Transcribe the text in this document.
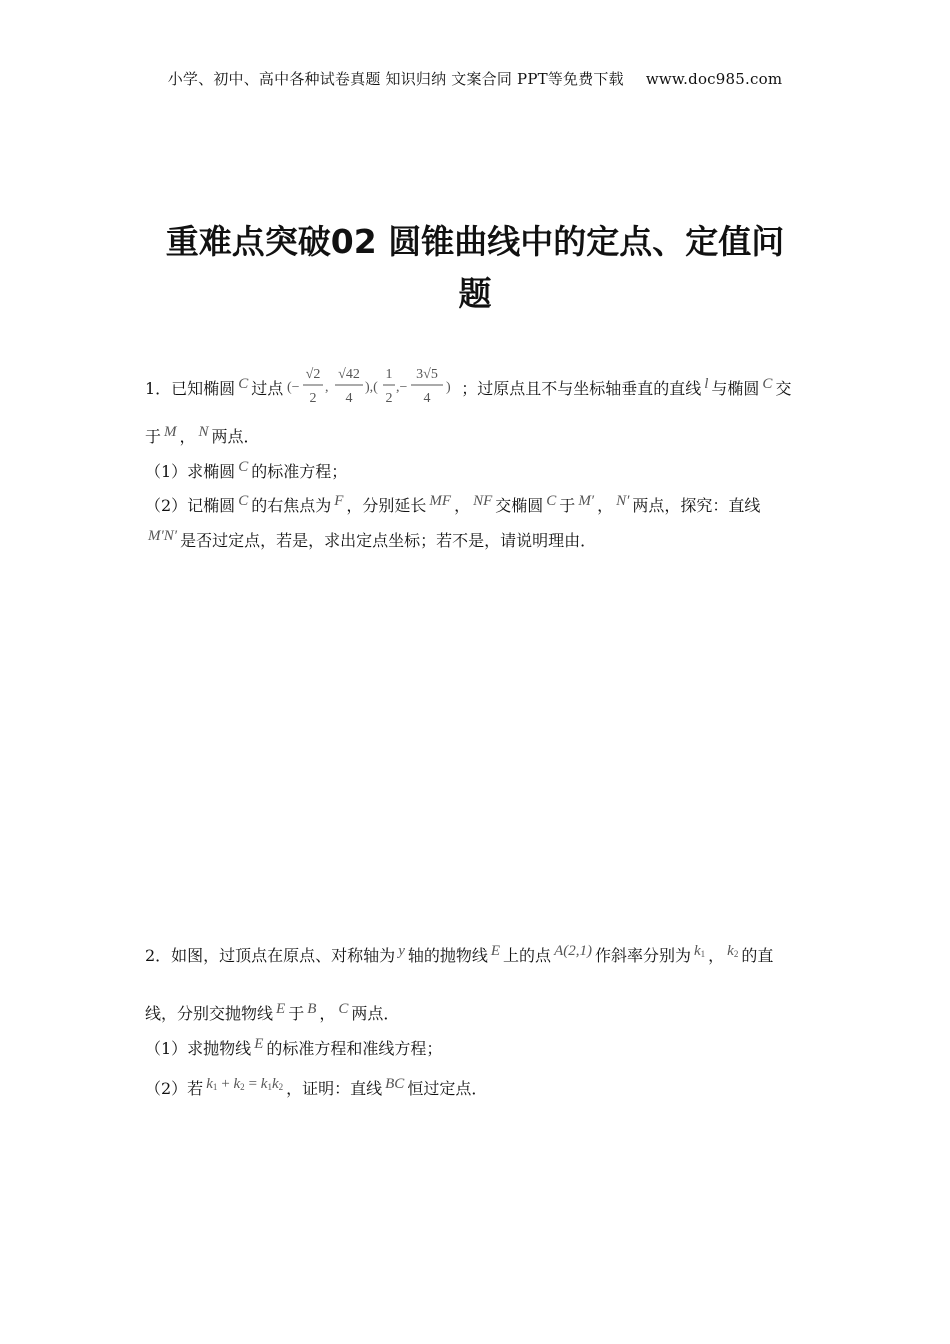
小学、初中、高中各种试卷真题 知识归纳 文案合同 PPT等免费下载 www.doc985.com
重难点突破02 圆锥曲线中的定点、定值问
题
1．已知椭圆 C 过点 (−
√2
2
,
√42
4
),(
1
2
,−
3√5
4
) ；过原点且不与坐标轴垂直的直线 l 与椭圆 C 交
于 M ， N 两点．
（1）求椭圆 C 的标准方程；
（2）记椭圆 C 的右焦点为 F ，分别延长 MF ， NF 交椭圆 C 于 M′ ， N′ 两点，探究：直线
M′N′ 是否过定点，若是，求出定点坐标；若不是，请说明理由．
2．如图，过顶点在原点、对称轴为 y 轴的抛物线 E 上的点 A(2,1) 作斜率分别为 $k_1$ ， $k_2$ 的直
线，分别交抛物线 E 于 B ， C 两点．
（1）求抛物线 E 的标准方程和准线方程；
（2）若 $k_1 + k_2 = k_1k_2$ ，证明：直线 BC 恒过定点．
